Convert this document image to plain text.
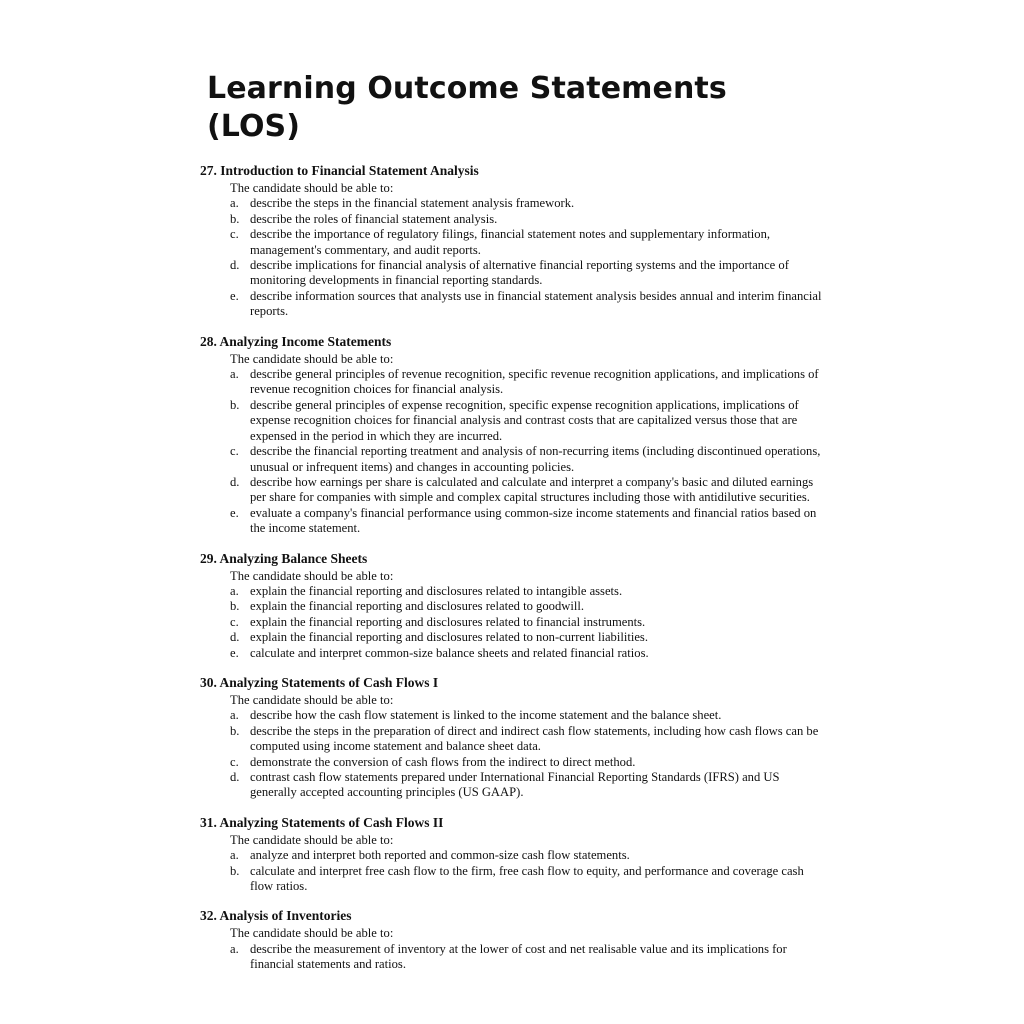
Learning Outcome Statements (LOS)
27. Introduction to Financial Statement Analysis
The candidate should be able to:
a. describe the steps in the financial statement analysis framework.
b. describe the roles of financial statement analysis.
c. describe the importance of regulatory filings, financial statement notes and supplementary information, management's commentary, and audit reports.
d. describe implications for financial analysis of alternative financial reporting systems and the importance of monitoring developments in financial reporting standards.
e. describe information sources that analysts use in financial statement analysis besides annual and interim financial reports.
28. Analyzing Income Statements
The candidate should be able to:
a. describe general principles of revenue recognition, specific revenue recognition applications, and implications of revenue recognition choices for financial analysis.
b. describe general principles of expense recognition, specific expense recognition applications, implications of expense recognition choices for financial analysis and contrast costs that are capitalized versus those that are expensed in the period in which they are incurred.
c. describe the financial reporting treatment and analysis of non-recurring items (including discontinued operations, unusual or infrequent items) and changes in accounting policies.
d. describe how earnings per share is calculated and calculate and interpret a company's basic and diluted earnings per share for companies with simple and complex capital structures including those with antidilutive securities.
e. evaluate a company's financial performance using common-size income statements and financial ratios based on the income statement.
29. Analyzing Balance Sheets
The candidate should be able to:
a. explain the financial reporting and disclosures related to intangible assets.
b. explain the financial reporting and disclosures related to goodwill.
c. explain the financial reporting and disclosures related to financial instruments.
d. explain the financial reporting and disclosures related to non-current liabilities.
e. calculate and interpret common-size balance sheets and related financial ratios.
30. Analyzing Statements of Cash Flows I
The candidate should be able to:
a. describe how the cash flow statement is linked to the income statement and the balance sheet.
b. describe the steps in the preparation of direct and indirect cash flow statements, including how cash flows can be computed using income statement and balance sheet data.
c. demonstrate the conversion of cash flows from the indirect to direct method.
d. contrast cash flow statements prepared under International Financial Reporting Standards (IFRS) and US generally accepted accounting principles (US GAAP).
31. Analyzing Statements of Cash Flows II
The candidate should be able to:
a. analyze and interpret both reported and common-size cash flow statements.
b. calculate and interpret free cash flow to the firm, free cash flow to equity, and performance and coverage cash flow ratios.
32. Analysis of Inventories
The candidate should be able to:
a. describe the measurement of inventory at the lower of cost and net realisable value and its implications for financial statements and ratios.
